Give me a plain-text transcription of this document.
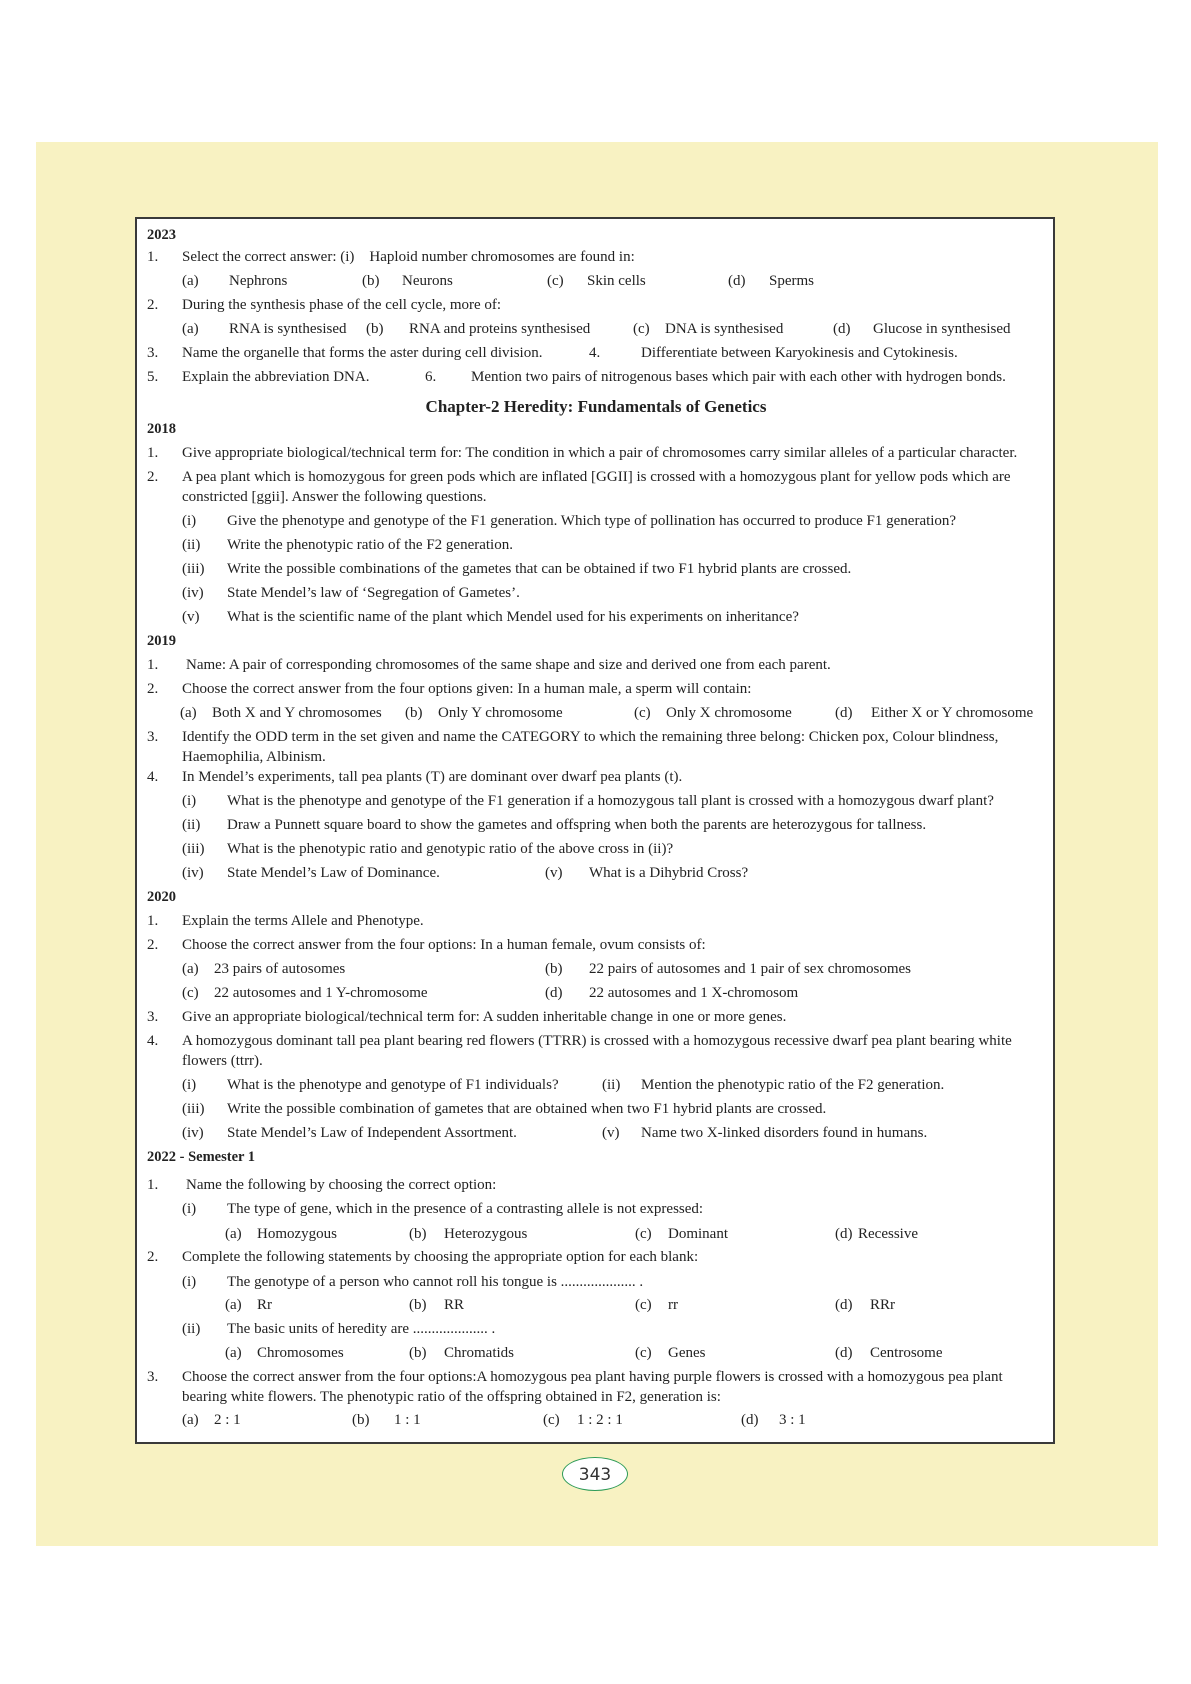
2023
1. Select the correct answer: (i)    Haploid number chromosomes are found in:
(a) Nephrons	(b) Neurons	(c) Skin cells	(d) Sperms
2. During the synthesis phase of the cell cycle, more of:
(a) RNA is synthesised (b) RNA and proteins synthesised	(c) DNA is synthesised	(d) Glucose in synthesised
3. Name the organelle that forms the aster during cell division.	4.	Differentiate between Karyokinesis and Cytokinesis.
5. Explain the abbreviation DNA.	6. Mention two pairs of nitrogenous bases which pair with each other with hydrogen bonds.
Chapter-2 Heredity: Fundamentals of Genetics
2018
1. Give appropriate biological/technical term for: The condition in which a pair of chromosomes carry similar alleles of a particular character.
2. A pea plant which is homozygous for green pods which are inflated [GGII] is crossed with a homozygous plant for yellow pods which are constricted [ggii]. Answer the following questions.
(i) Give the phenotype and genotype of the F1 generation. Which type of pollination has occurred to produce F1 generation?
(ii) Write the phenotypic ratio of the F2 generation.
(iii) Write the possible combinations of the gametes that can be obtained if two F1 hybrid plants are crossed.
(iv) State Mendel’s law of ‘Segregation of Gametes’.
(v) What is the scientific name of the plant which Mendel used for his experiments on inheritance?
2019
1. Name: A pair of corresponding chromosomes of the same shape and size and derived one from each parent.
2. Choose the correct answer from the four options given: In a human male, a sperm will contain:
(a) Both X and Y chromosomes (b) Only Y chromosome	(c) Only X chromosome	(d) Either X or Y chromosome
3. Identify the ODD term in the set given and name the CATEGORY to which the remaining three belong: Chicken pox, Colour blindness, Haemophilia, Albinism.
4. In Mendel’s experiments, tall pea plants (T) are dominant over dwarf pea plants (t).
(i) What is the phenotype and genotype of the F1 generation if a homozygous tall plant is crossed with a homozygous dwarf plant?
(ii) Draw a Punnett square board to show the gametes and offspring when both the parents are heterozygous for tallness.
(iii) What is the phenotypic ratio and genotypic ratio of the above cross in (ii)?
(iv) State Mendel’s Law of Dominance.	(v) What is a Dihybrid Cross?
2020
1. Explain the terms Allele and Phenotype.
2. Choose the correct answer from the four options: In a human female, ovum consists of:
(a) 23 pairs of autosomes	(b) 22 pairs of autosomes and 1 pair of sex chromosomes
(c) 22 autosomes and 1 Y-chromosome	(d) 22 autosomes and 1 X-chromosom
3. Give an appropriate biological/technical term for: A sudden inheritable change in one or more genes.
4. A homozygous dominant tall pea plant bearing red flowers (TTRR) is crossed with a homozygous recessive dwarf pea plant bearing white flowers (ttrr).
(i) What is the phenotype and genotype of F1 individuals?	(ii) Mention the phenotypic ratio of the F2 generation.
(iii) Write the possible combination of gametes that are obtained when two F1 hybrid plants are crossed.
(iv) State Mendel’s Law of Independent Assortment.	(v) Name two X-linked disorders found in humans.
2022 - Semester 1
1. Name the following by choosing the correct option:
(i) The type of gene, which in the presence of a contrasting allele is not expressed:
(a) Homozygous	(b) Heterozygous	(c) Dominant	(d) Recessive
2. Complete the following statements by choosing the appropriate option for each blank:
(i) The genotype of a person who cannot roll his tongue is .................... .
(a) Rr	(b) RR	(c) rr	(d) RRr
(ii) The basic units of heredity are .................... .
(a) Chromosomes	(b) Chromatids	(c) Genes	(d) Centrosome
3. Choose the correct answer from the four options:A homozygous pea plant having purple flowers is crossed with a homozygous pea plant bearing white flowers. The phenotypic ratio of the offspring obtained in F2, generation is:
(a) 2 : 1	(b) 1 : 1	(c) 1 : 2 : 1	(d) 3 : 1
343
